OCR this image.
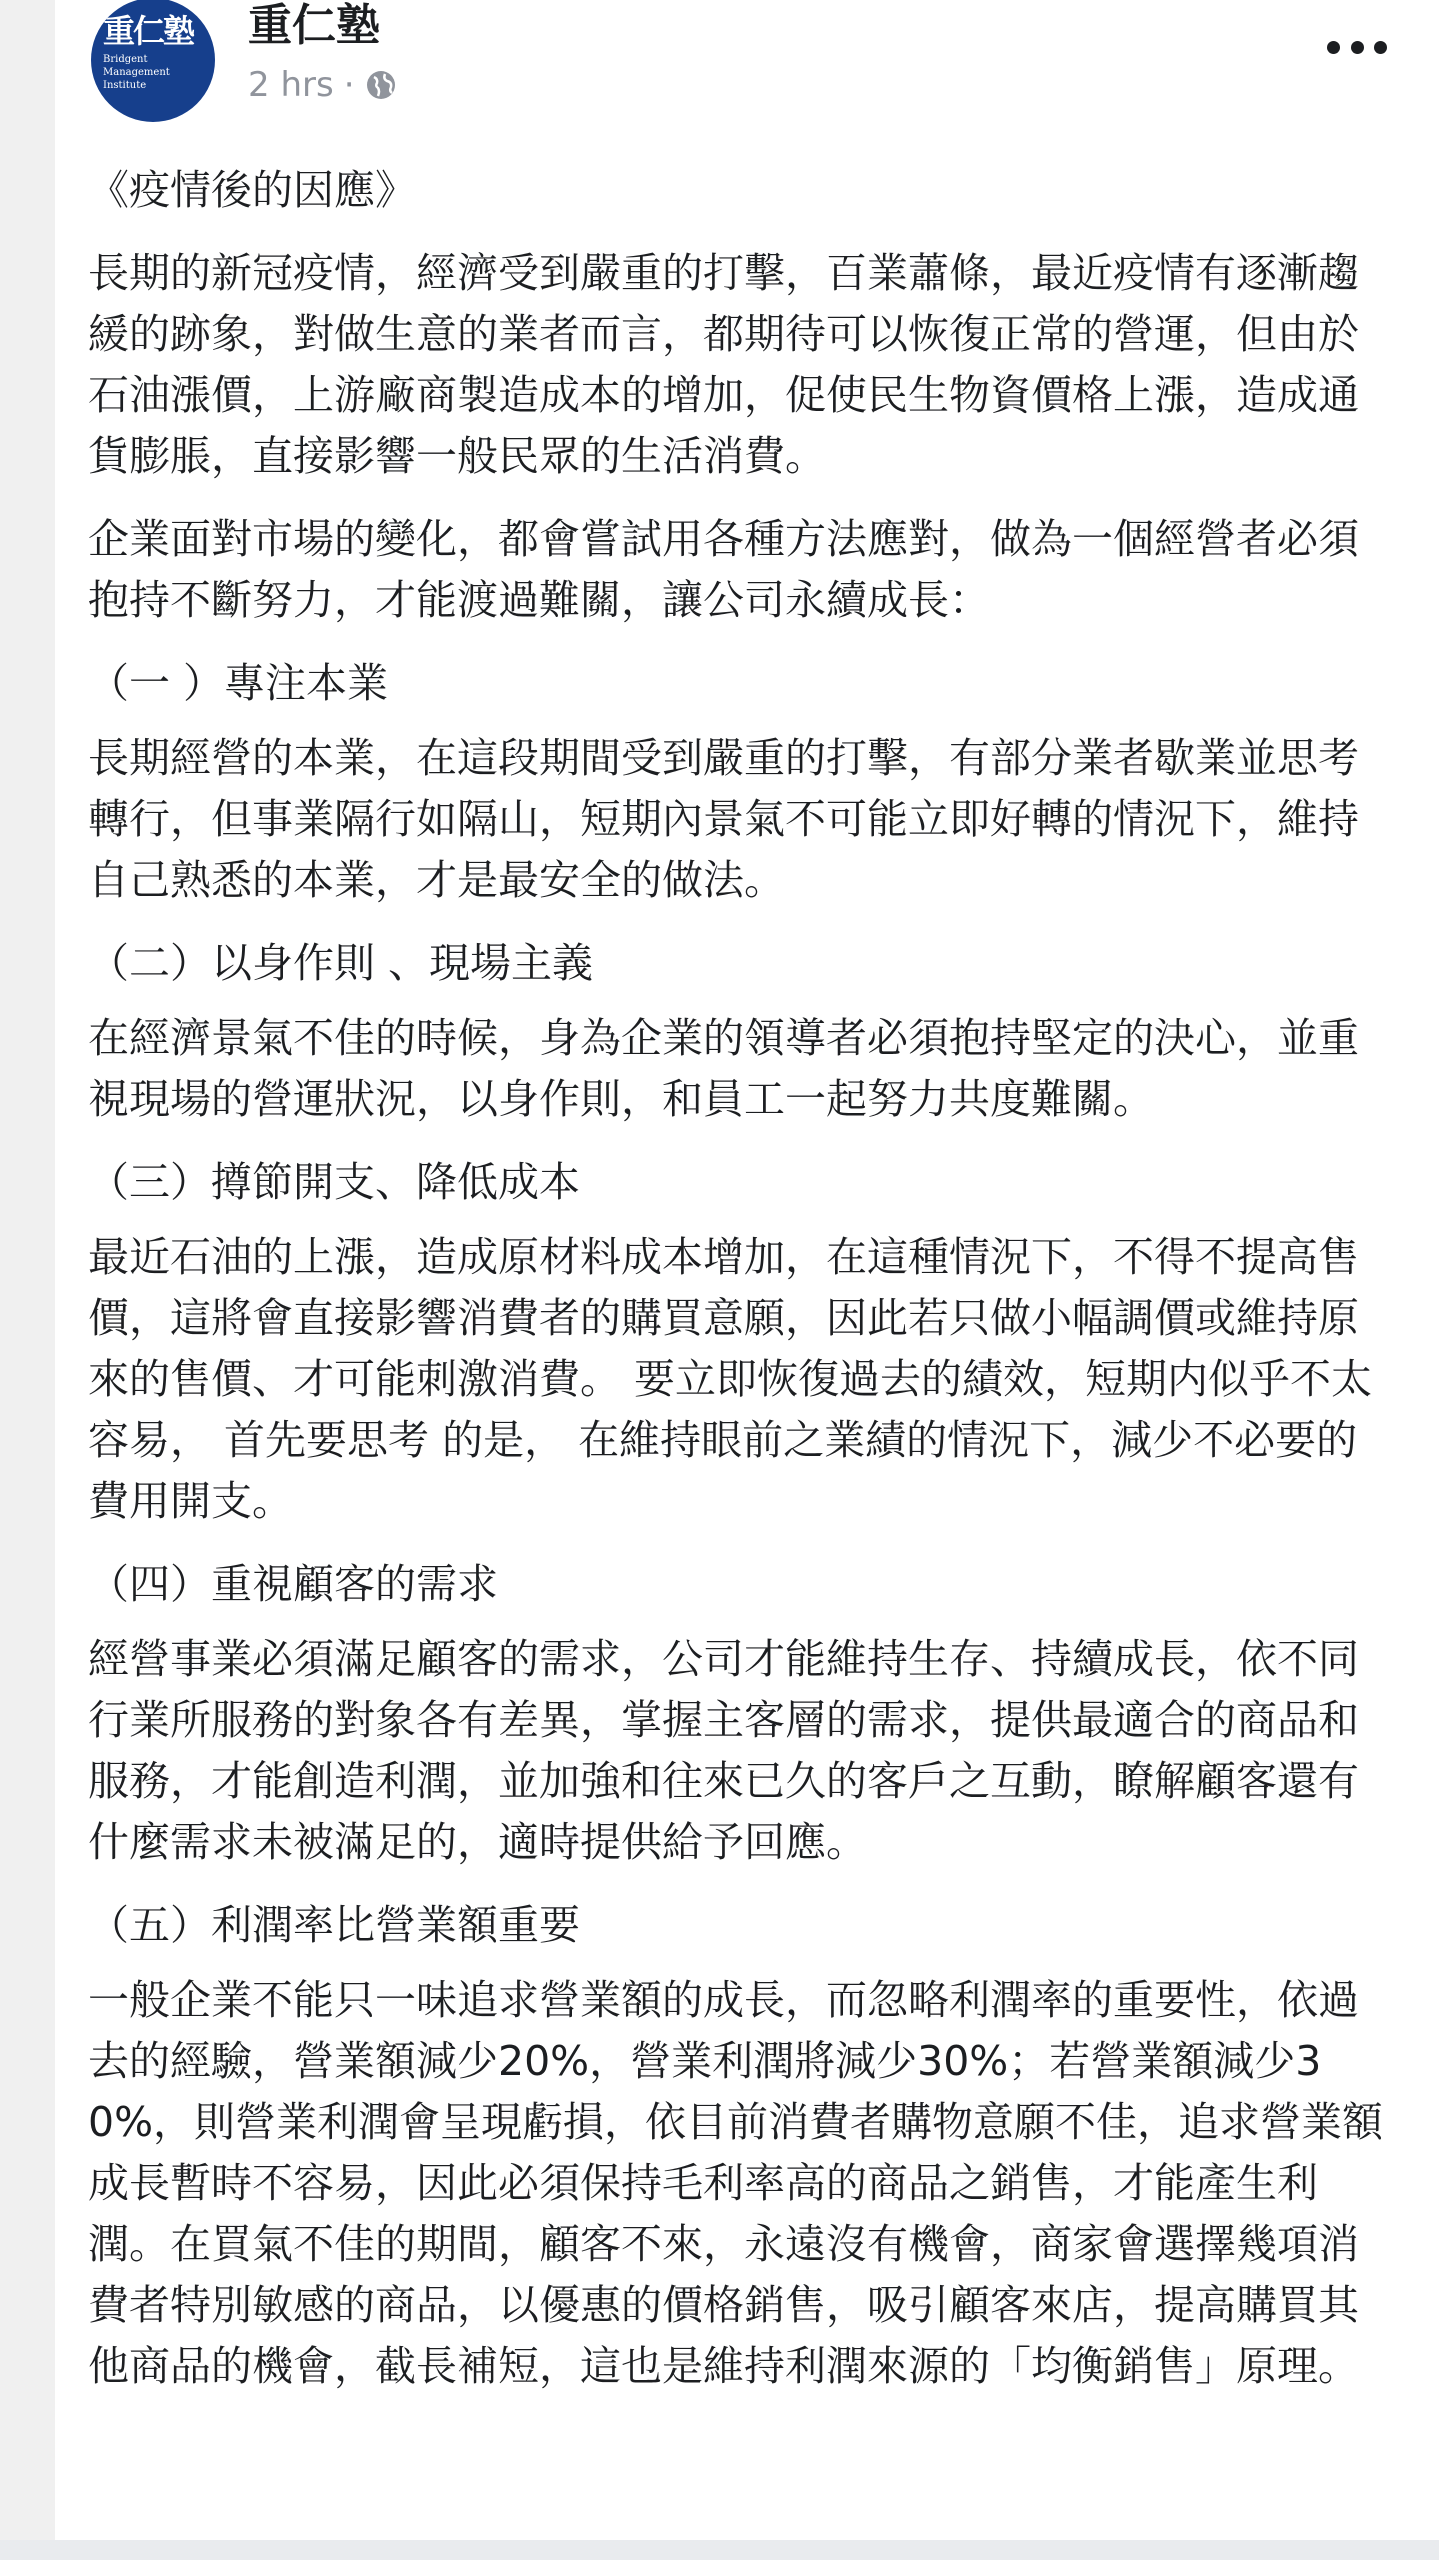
重仁塾
Bridgent Management Institute
重仁塾
2 hrs ·

《疫情後的因應》

長期的新冠疫情，經濟受到嚴重的打擊，百業蕭條，最近疫情有逐漸趨緩的跡象，對做生意的業者而言，都期待可以恢復正常的營運，但由於石油漲價，上游廠商製造成本的增加，促使民生物資價格上漲，造成通貨膨脹，直接影響一般民眾的生活消費。

企業面對市場的變化，都會嘗試用各種方法應對，做為一個經營者必須抱持不斷努力，才能渡過難關，讓公司永續成長：

（一 ）專注本業

長期經營的本業，在這段期間受到嚴重的打擊，有部分業者歇業並思考轉行，但事業隔行如隔山，短期內景氣不可能立即好轉的情況下，維持自己熟悉的本業，才是最安全的做法。

（二）以身作則 、現場主義

在經濟景氣不佳的時候，身為企業的領導者必須抱持堅定的決心，並重視現場的營運狀況，以身作則，和員工一起努力共度難關。

（三）撙節開支、降低成本

最近石油的上漲，造成原材料成本增加，在這種情況下，不得不提高售價，這將會直接影響消費者的購買意願，因此若只做小幅調價或維持原來的售價、才可能刺激消費。 要立即恢復過去的績效，短期内似乎不太容易， 首先要思考 的是， 在維持眼前之業績的情況下，減少不必要的費用開支。

（四）重視顧客的需求

經營事業必須滿足顧客的需求，公司才能維持生存、持續成長，依不同行業所服務的對象各有差異，掌握主客層的需求，提供最適合的商品和服務，才能創造利潤，並加強和往來已久的客戶之互動，瞭解顧客還有什麼需求未被滿足的，適時提供給予回應。

（五）利潤率比營業額重要

一般企業不能只一味追求營業額的成長，而忽略利潤率的重要性，依過去的經驗，營業額減少20%，營業利潤將減少30%；若營業額減少30%，則營業利潤會呈現虧損，依目前消費者購物意願不佳，追求營業額成長暫時不容易，因此必須保持毛利率高的商品之銷售，才能產生利潤。在買氣不佳的期間，顧客不來，永遠沒有機會，商家會選擇幾項消費者特別敏感的商品，以優惠的價格銷售，吸引顧客來店，提高購買其他商品的機會，截長補短，這也是維持利潤來源的「均衡銷售」原理。
